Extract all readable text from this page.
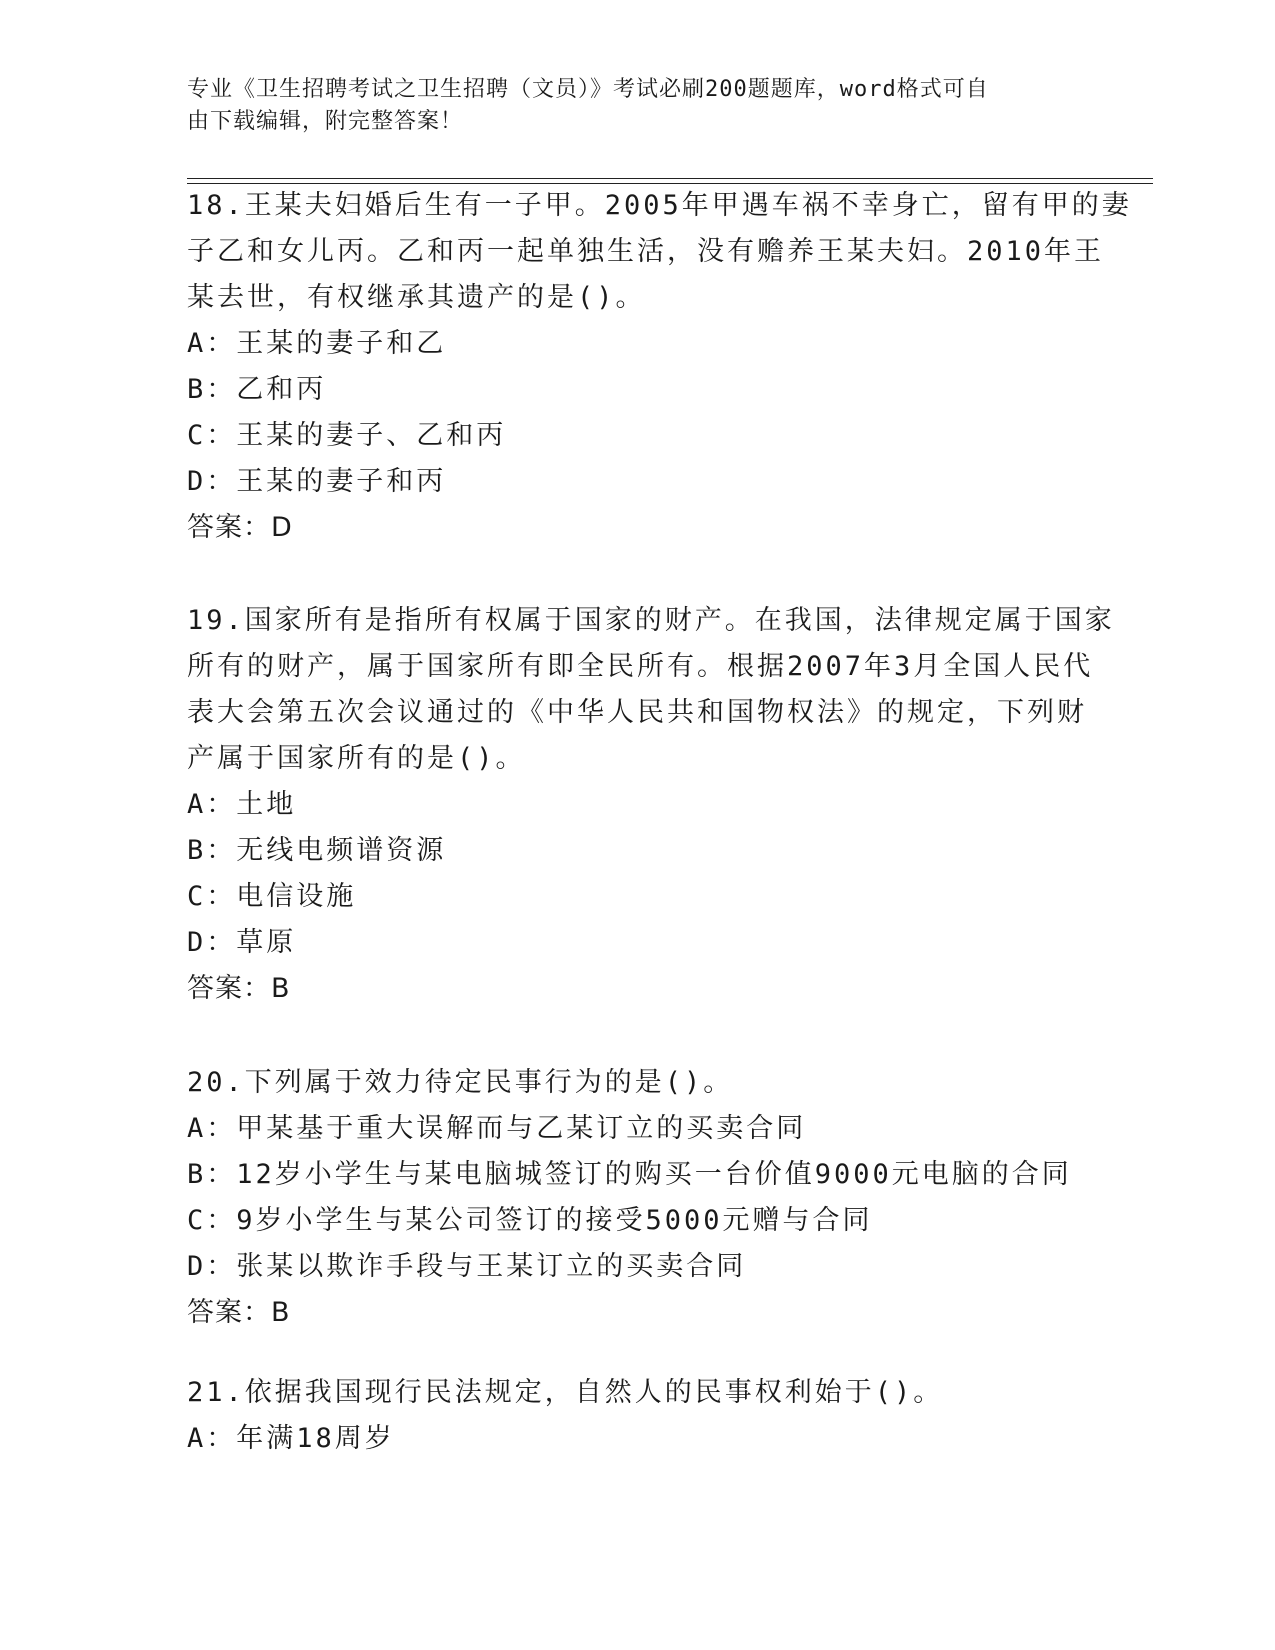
专业《卫生招聘考试之卫生招聘（文员）》考试必刷200题题库，word格式可自
由下载编辑，附完整答案！
18.王某夫妇婚后生有一子甲。2005年甲遇车祸不幸身亡，留有甲的妻
子乙和女儿丙。乙和丙一起单独生活，没有赡养王某夫妇。2010年王
某去世，有权继承其遗产的是()。
A：王某的妻子和乙
B：乙和丙
C：王某的妻子、乙和丙
D：王某的妻子和丙
答案：D
19.国家所有是指所有权属于国家的财产。在我国，法律规定属于国家
所有的财产，属于国家所有即全民所有。根据2007年3月全国人民代
表大会第五次会议通过的《中华人民共和国物权法》的规定，下列财
产属于国家所有的是()。
A：土地
B：无线电频谱资源
C：电信设施
D：草原
答案：B
20.下列属于效力待定民事行为的是()。
A：甲某基于重大误解而与乙某订立的买卖合同
B：12岁小学生与某电脑城签订的购买一台价值9000元电脑的合同
C：9岁小学生与某公司签订的接受5000元赠与合同
D：张某以欺诈手段与王某订立的买卖合同
答案：B
21.依据我国现行民法规定，自然人的民事权利始于()。
A：年满18周岁
